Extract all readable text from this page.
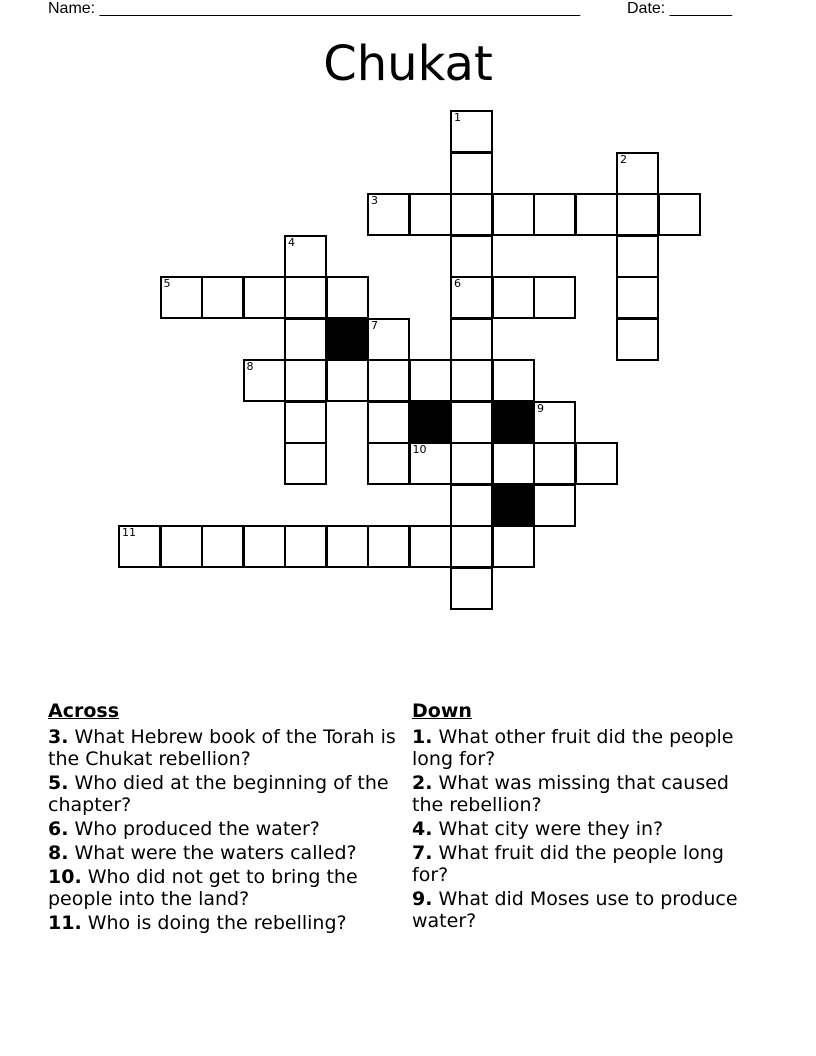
Name: ______________________________________________________	Date: _______
Chukat
1
2
3
4
5	6
7
8
9
10
11
Across
3. What Hebrew book of the Torah is the Chukat rebellion?
5. Who died at the beginning of the chapter?
6. Who produced the water?
8. What were the waters called?
10. Who did not get to bring the people into the land?
11. Who is doing the rebelling?
Down
1. What other fruit did the people long for?
2. What was missing that caused the rebellion?
4. What city were they in?
7. What fruit did the people long for?
9. What did Moses use to produce water?
